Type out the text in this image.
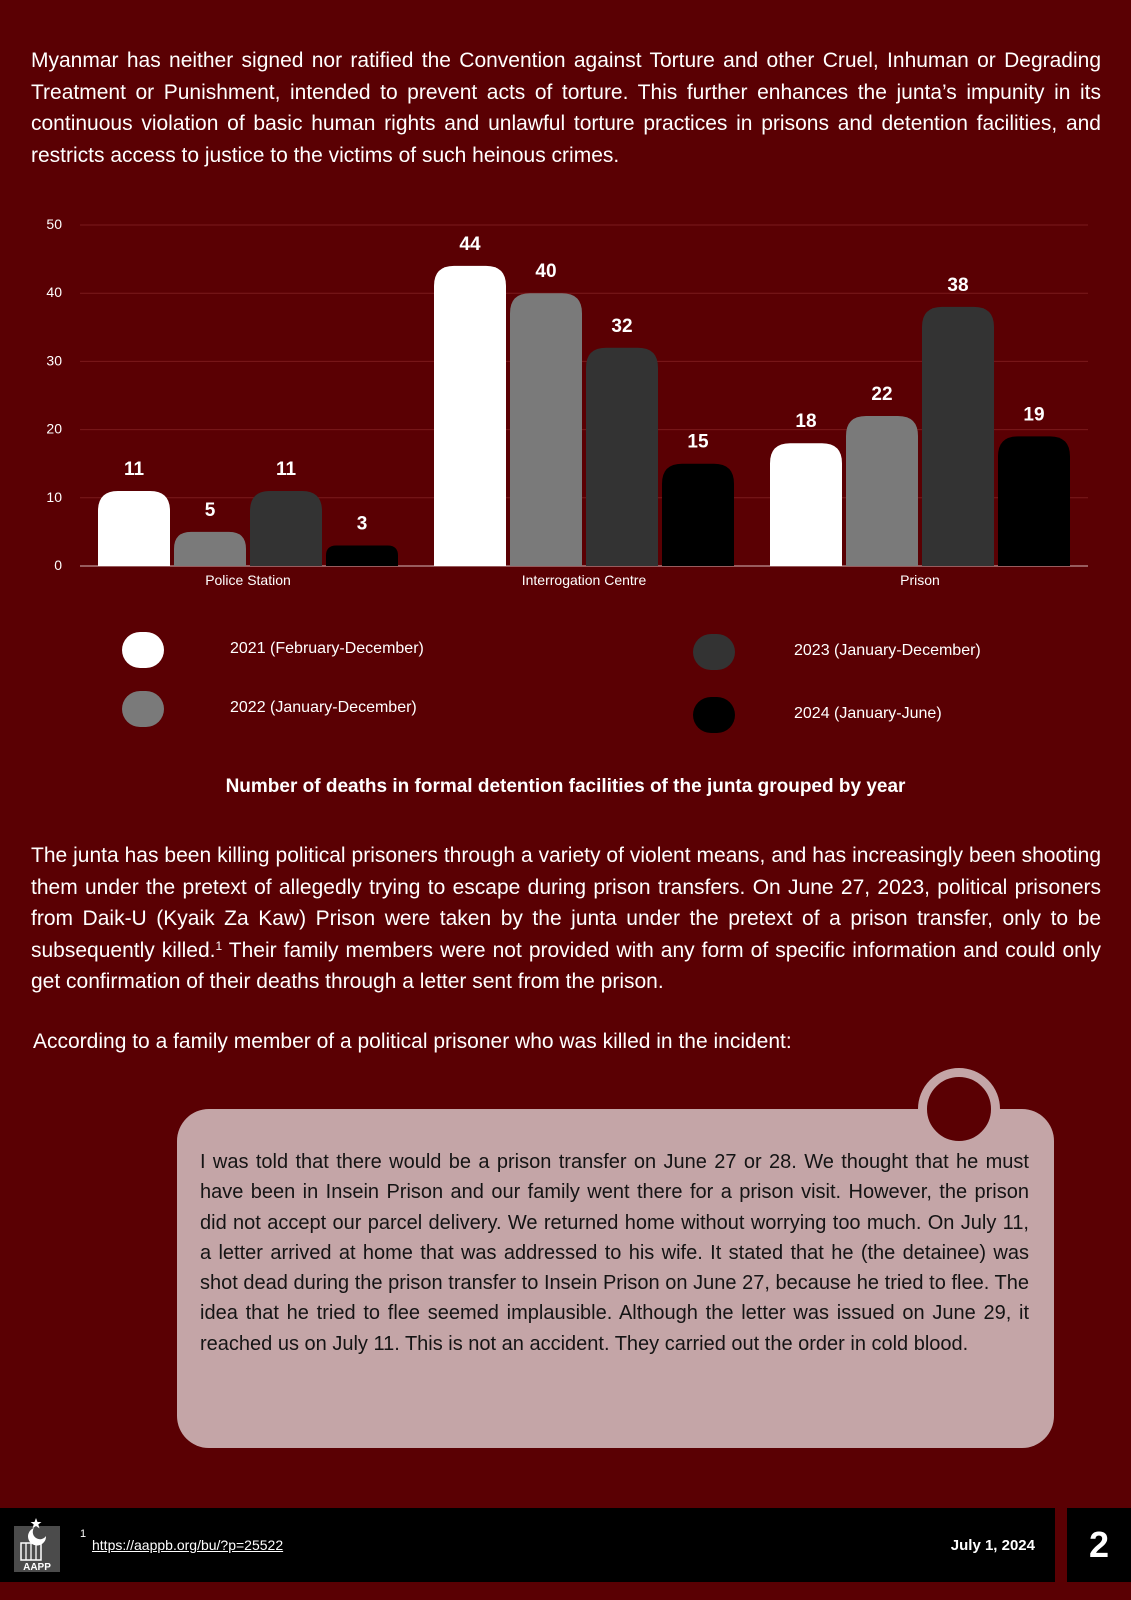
Myanmar has neither signed nor ratified the Convention against Torture and other Cruel, Inhuman or Degrading Treatment or Punishment, intended to prevent acts of torture. This further enhances the junta’s impunity in its continuous violation of basic human rights and unlawful torture practices in prisons and detention facilities, and restricts access to justice to the victims of such heinous crimes.

0
10
20
30
40
50
11
5
11
3
Police Station
44
40
32
15
Interrogation Centre
18
22
38
19
Prison
2021 (February-December)
2022 (January-December)
2023 (January-December)
2024 (January-June)
Number of deaths in formal detention facilities of the junta grouped by year

The junta has been killing political prisoners through a variety of violent means, and has increasingly been shooting them under the pretext of allegedly trying to escape during prison transfers. On June 27, 2023, political prisoners from Daik-U (Kyaik Za Kaw) Prison were taken by the junta under the pretext of a prison transfer, only to be subsequently killed.$^1$ Their family members were not provided with any form of specific information and could only get confirmation of their deaths through a letter sent from the prison.

According to a family member of a political prisoner who was killed in the incident:

I was told that there would be a prison transfer on June 27 or 28. We thought that he must have been in Insein Prison and our family went there for a prison visit. However, the prison did not accept our parcel delivery. We returned home without worrying too much. On July 11, a letter arrived at home that was addressed to his wife. It stated that he (the detainee) was shot dead during the prison transfer to Insein Prison on June 27, because he tried to flee. The idea that he tried to flee seemed implausible. Although the letter was issued on June 29, it reached us on July 11. This is not an accident. They carried out the order in cold blood.

AAPP
1
https://aappb.org/bu/?p=25522	July 1, 2024	2
